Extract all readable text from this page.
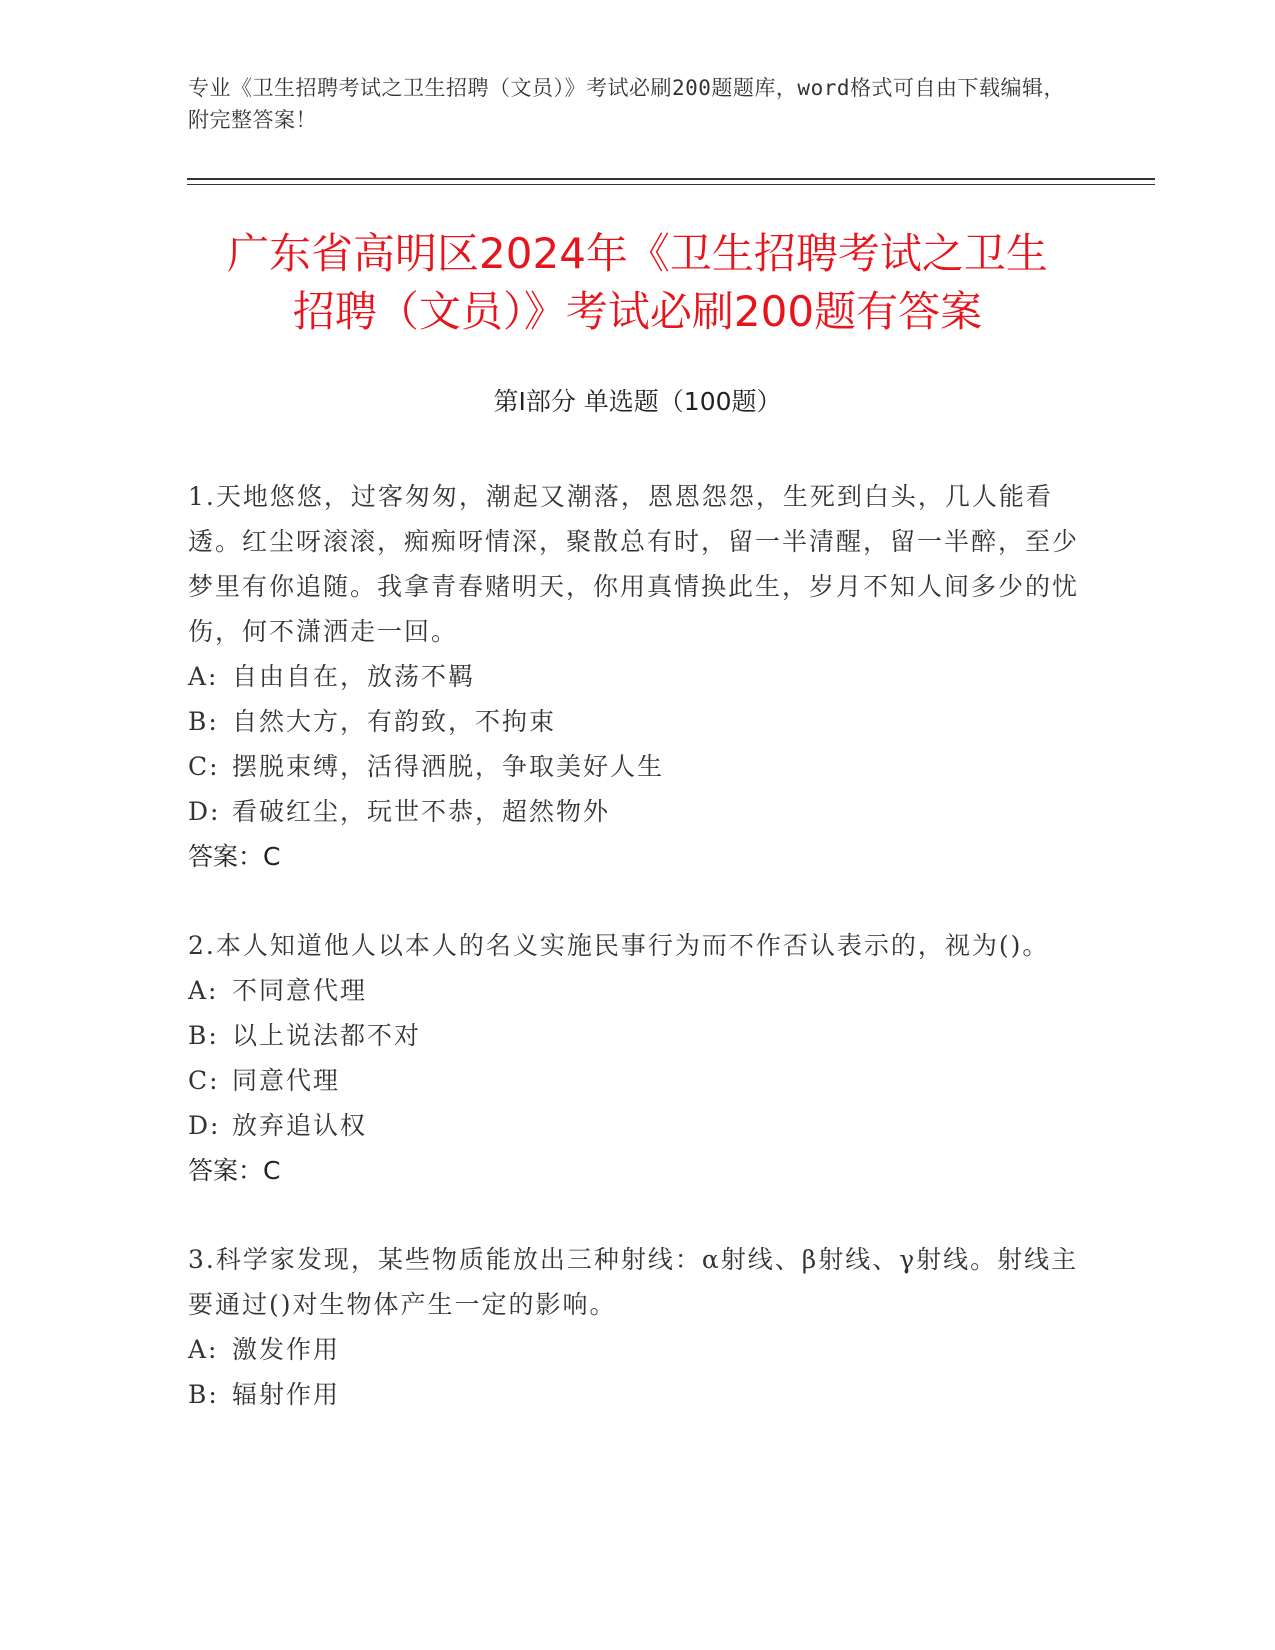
专业《卫生招聘考试之卫生招聘（文员）》考试必刷200题题库，word格式可自由下载编辑，附完整答案！
广东省高明区2024年《卫生招聘考试之卫生
招聘（文员）》考试必刷200题有答案
第Ⅰ部分 单选题（100题）
1.天地悠悠，过客匆匆，潮起又潮落，恩恩怨怨，生死到白头，几人能看透。红尘呀滚滚，痴痴呀情深，聚散总有时，留一半清醒，留一半醉，至少梦里有你追随。我拿青春赌明天，你用真情换此生，岁月不知人间多少的忧伤，何不潇洒走一回。
A: 自由自在，放荡不羁
B: 自然大方，有韵致，不拘束
C: 摆脱束缚，活得洒脱，争取美好人生
D: 看破红尘，玩世不恭，超然物外
答案：C
2.本人知道他人以本人的名义实施民事行为而不作否认表示的，视为()。
A: 不同意代理
B: 以上说法都不对
C: 同意代理
D: 放弃追认权
答案：C
3.科学家发现，某些物质能放出三种射线：α射线、β射线、γ射线。射线主要通过()对生物体产生一定的影响。
A: 激发作用
B: 辐射作用
